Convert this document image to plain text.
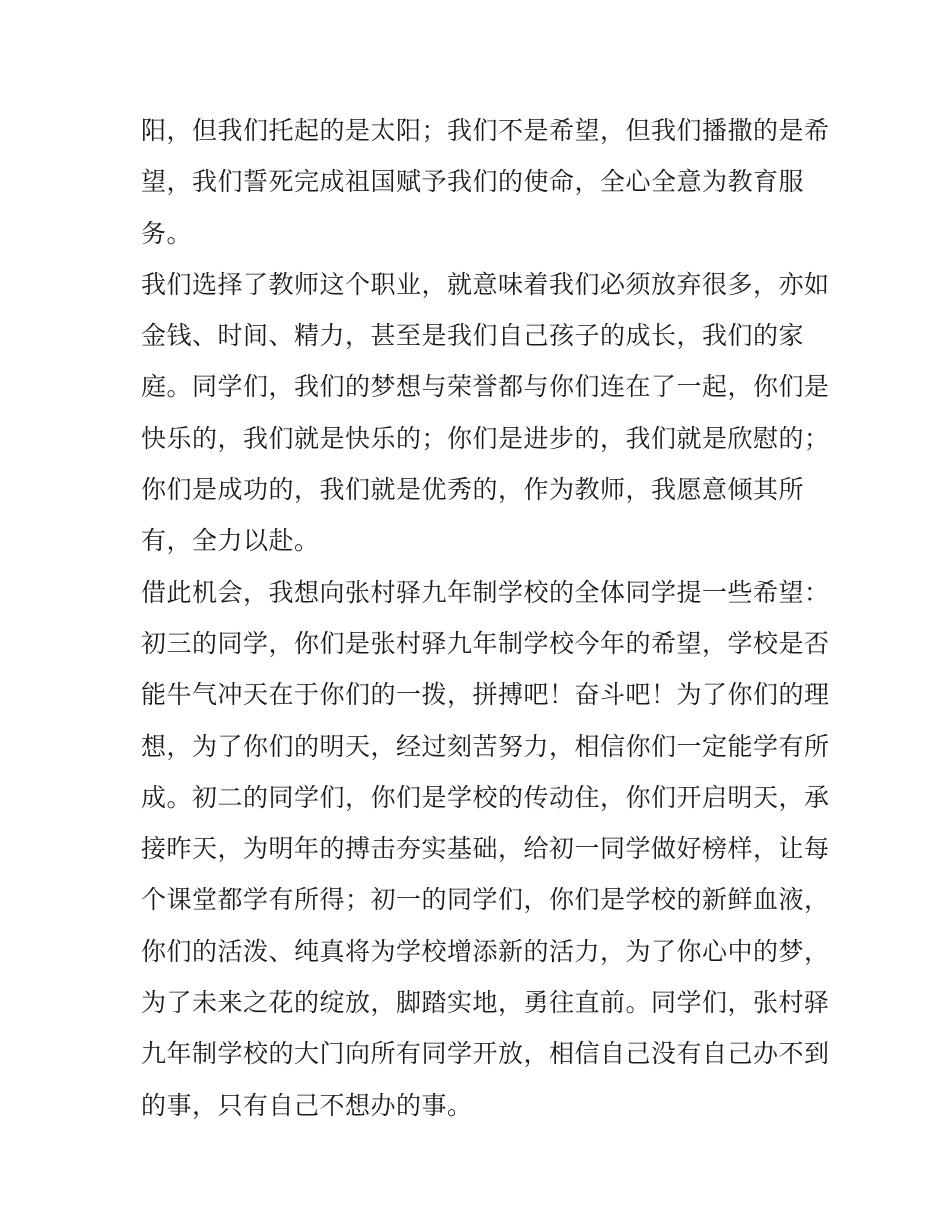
阳，但我们托起的是太阳；我们不是希望，但我们播撒的是希
望，我们誓死完成祖国赋予我们的使命，全心全意为教育服
务。
我们选择了教师这个职业，就意味着我们必须放弃很多，亦如
金钱、时间、精力，甚至是我们自己孩子的成长，我们的家
庭。同学们，我们的梦想与荣誉都与你们连在了一起，你们是
快乐的，我们就是快乐的；你们是进步的，我们就是欣慰的；
你们是成功的，我们就是优秀的，作为教师，我愿意倾其所
有，全力以赴。
借此机会，我想向张村驿九年制学校的全体同学提一些希望：
初三的同学，你们是张村驿九年制学校今年的希望，学校是否
能牛气冲天在于你们的一拨，拼搏吧！奋斗吧！为了你们的理
想，为了你们的明天，经过刻苦努力，相信你们一定能学有所
成。初二的同学们，你们是学校的传动住，你们开启明天，承
接昨天，为明年的搏击夯实基础，给初一同学做好榜样，让每
个课堂都学有所得；初一的同学们，你们是学校的新鲜血液，
你们的活泼、纯真将为学校增添新的活力，为了你心中的梦，
为了未来之花的绽放，脚踏实地，勇往直前。同学们，张村驿
九年制学校的大门向所有同学开放，相信自己没有自己办不到
的事，只有自己不想办的事。
